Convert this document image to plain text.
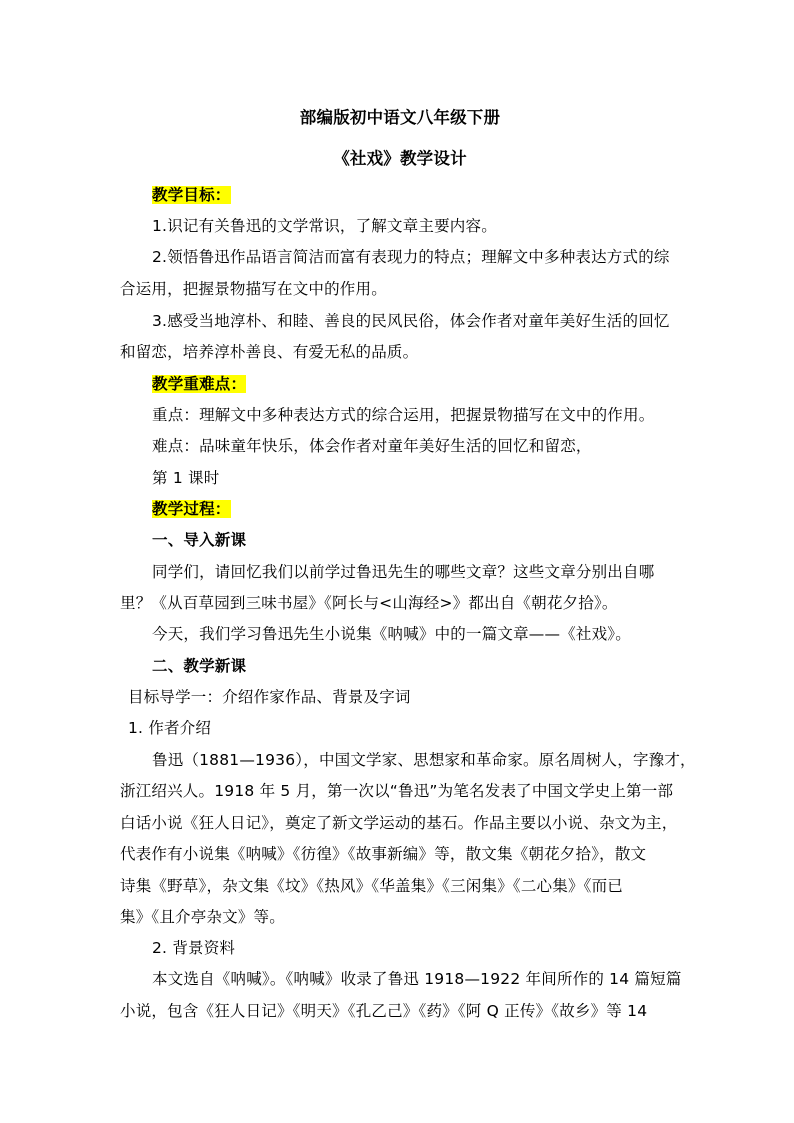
部编版初中语文八年级下册
《社戏》教学设计
教学目标：
1.识记有关鲁迅的文学常识，了解文章主要内容。
2.领悟鲁迅作品语言简洁而富有表现力的特点；理解文中多种表达方式的综
合运用，把握景物描写在文中的作用。
3.感受当地淳朴、和睦、善良的民风民俗，体会作者对童年美好生活的回忆
和留恋，培养淳朴善良、有爱无私的品质。
教学重难点：
重点：理解文中多种表达方式的综合运用，把握景物描写在文中的作用。
难点：品味童年快乐，体会作者对童年美好生活的回忆和留恋，
第 1 课时
教学过程：
一、导入新课
同学们，请回忆我们以前学过鲁迅先生的哪些文章？这些文章分别出自哪
里？《从百草园到三味书屋》《阿长与<山海经>》都出自《朝花夕拾》。
今天，我们学习鲁迅先生小说集《呐喊》中的一篇文章——《社戏》。
二、教学新课
目标导学一：介绍作家作品、背景及字词
1. 作者介绍
鲁迅（1881—1936），中国文学家、思想家和革命家。原名周树人，字豫才，
浙江绍兴人。1918 年 5 月，第一次以“鲁迅”为笔名发表了中国文学史上第一部
白话小说《狂人日记》，奠定了新文学运动的基石。作品主要以小说、杂文为主，
代表作有小说集《呐喊》《彷徨》《故事新编》等，散文集《朝花夕拾》，散文
诗集《野草》，杂文集《坟》《热风》《华盖集》《三闲集》《二心集》《而已
集》《且介亭杂文》等。
2. 背景资料
本文选自《呐喊》。《呐喊》收录了鲁迅 1918—1922 年间所作的 14 篇短篇
小说，包含《狂人日记》《明天》《孔乙己》《药》《阿 Q 正传》《故乡》等 14
